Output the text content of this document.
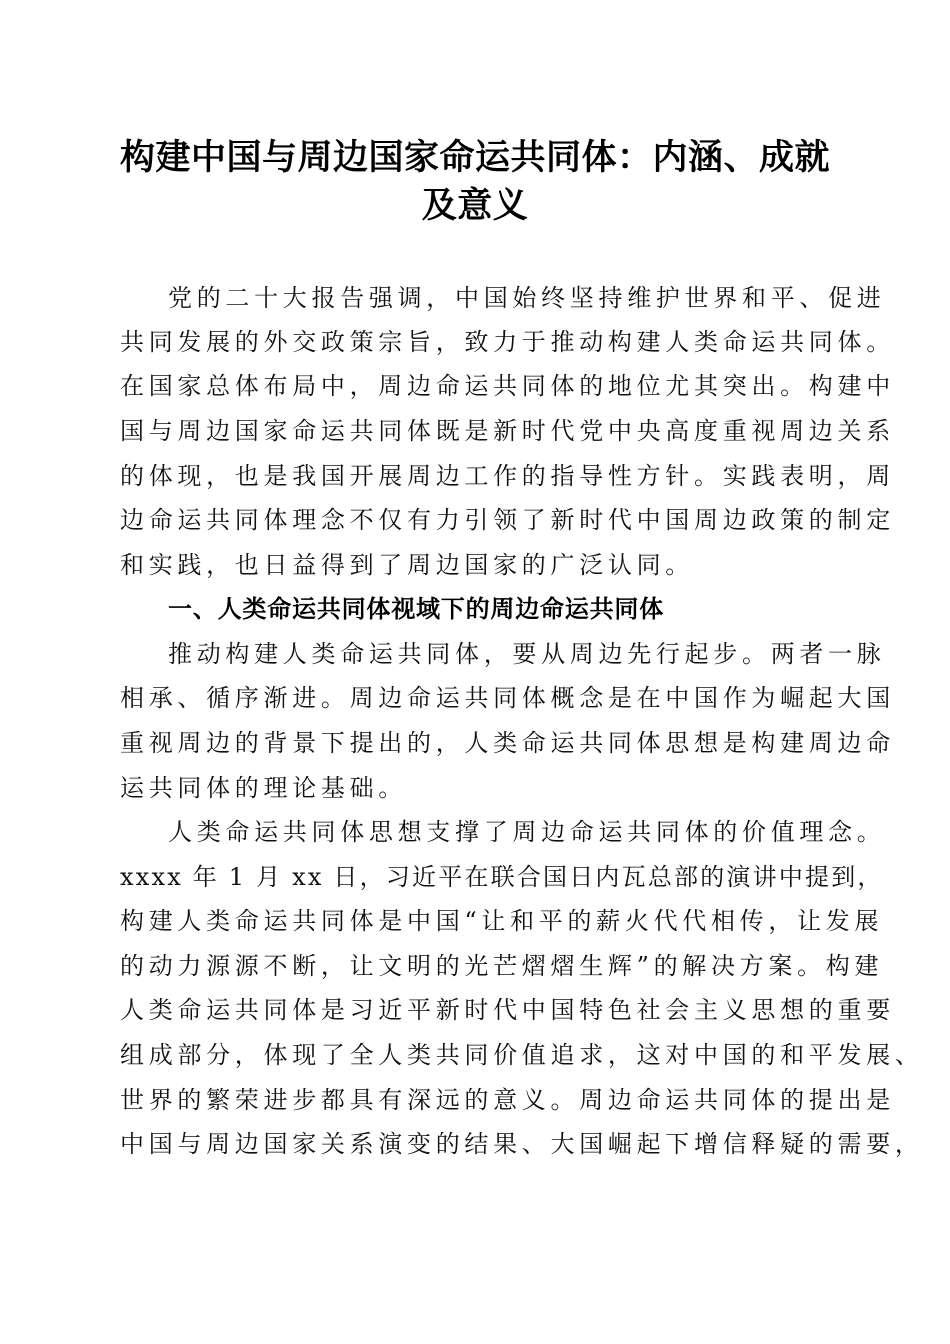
构建中国与周边国家命运共同体：内涵、成就
及意义
党的二十大报告强调，中国始终坚持维护世界和平、促进
共同发展的外交政策宗旨，致力于推动构建人类命运共同体。
在国家总体布局中，周边命运共同体的地位尤其突出。构建中
国与周边国家命运共同体既是新时代党中央高度重视周边关系
的体现，也是我国开展周边工作的指导性方针。实践表明，周
边命运共同体理念不仅有力引领了新时代中国周边政策的制定
和实践，也日益得到了周边国家的广泛认同。
一、人类命运共同体视域下的周边命运共同体
推动构建人类命运共同体，要从周边先行起步。两者一脉
相承、循序渐进。周边命运共同体概念是在中国作为崛起大国
重视周边的背景下提出的，人类命运共同体思想是构建周边命
运共同体的理论基础。
人类命运共同体思想支撑了周边命运共同体的价值理念。
xxxx 年 1 月 xx 日，习近平在联合国日内瓦总部的演讲中提到，
构建人类命运共同体是中国“让和平的薪火代代相传，让发展
的动力源源不断，让文明的光芒熠熠生辉”的解决方案。构建
人类命运共同体是习近平新时代中国特色社会主义思想的重要
组成部分，体现了全人类共同价值追求，这对中国的和平发展、
世界的繁荣进步都具有深远的意义。周边命运共同体的提出是
中国与周边国家关系演变的结果、大国崛起下增信释疑的需要，
